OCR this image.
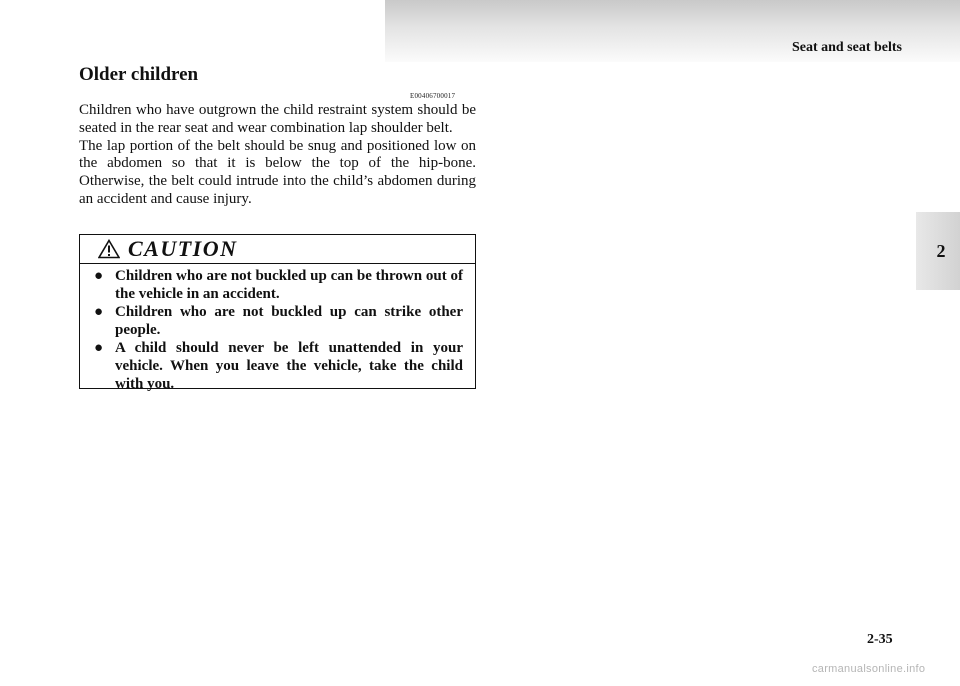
Seat and seat belts
2
Older children
E00406700017

Children who have outgrown the child restraint system should be seated in the rear seat and wear combination lap shoulder belt.

The lap portion of the belt should be snug and positioned low on the abdomen so that it is below the top of the hip-bone. Otherwise, the belt could intrude into the child’s abdomen during an accident and cause injury.

CAUTION
● Children who are not buckled up can be thrown out of the vehicle in an accident.
● Children who are not buckled up can strike other people.
● A child should never be left unattended in your vehicle. When you leave the vehicle, take the child with you.
2-35
carmanualsonline.info
